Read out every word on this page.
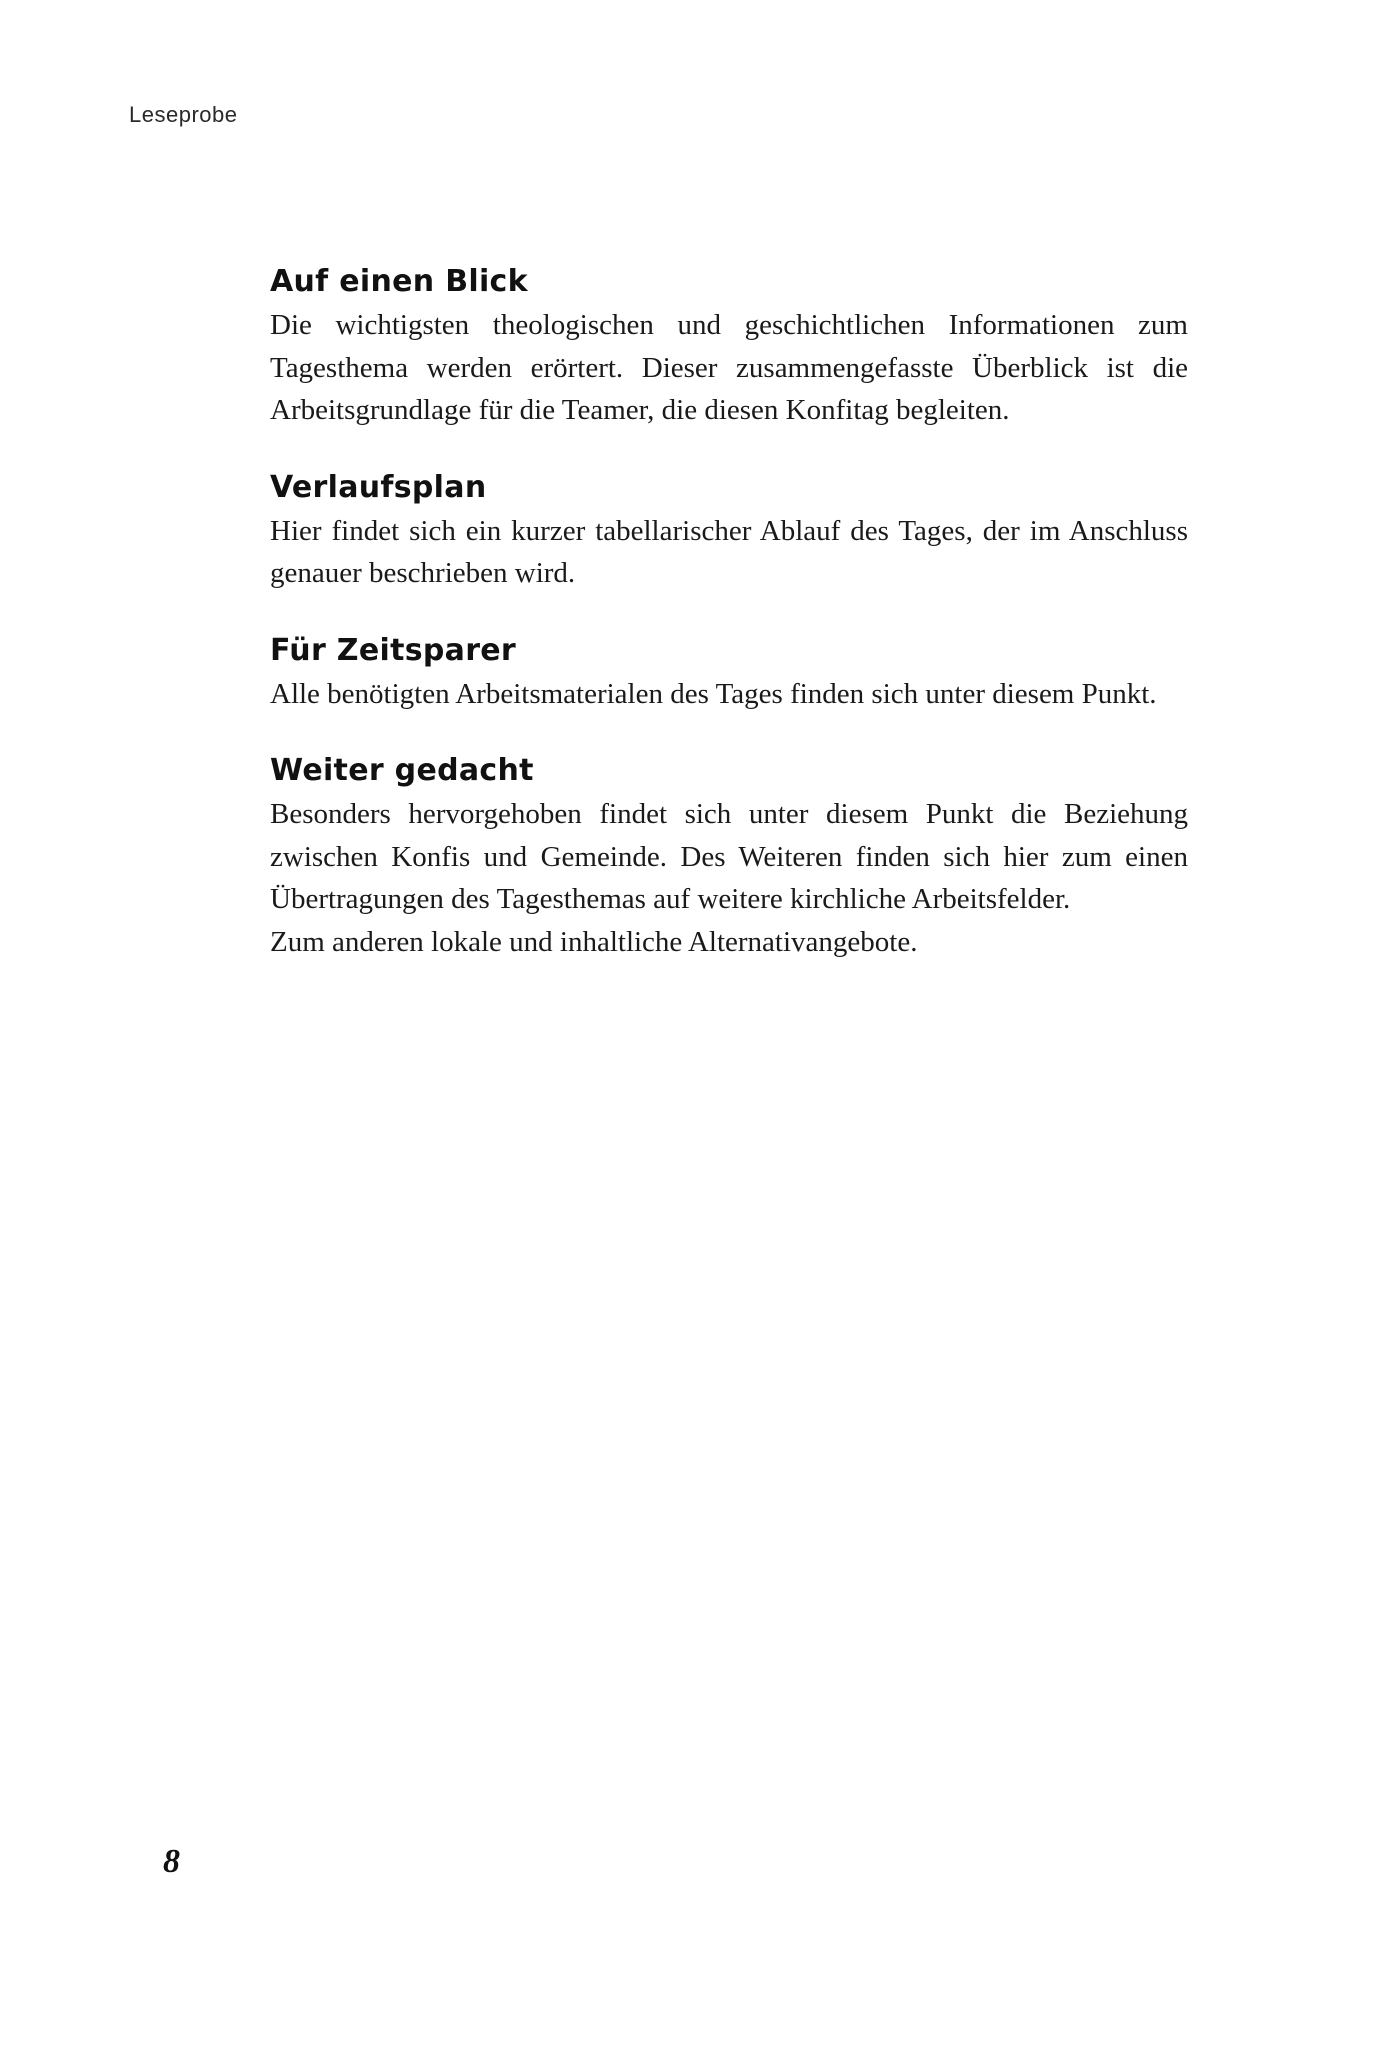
Leseprobe
Auf einen Blick

Die wichtigsten theologischen und geschichtlichen Informationen zum Tagesthema werden erörtert. Dieser zusammengefasste Überblick ist die Arbeitsgrundlage für die Teamer, die diesen Konfitag begleiten.

Verlaufsplan

Hier findet sich ein kurzer tabellarischer Ablauf des Tages, der im Anschluss genauer beschrieben wird.

Für Zeitsparer

Alle benötigten Arbeitsmaterialen des Tages finden sich unter diesem Punkt.

Weiter gedacht

Besonders hervorgehoben findet sich unter diesem Punkt die Beziehung zwischen Konfis und Gemeinde. Des Weiteren finden sich hier zum einen Übertragungen des Tagesthemas auf weitere kirchliche Arbeitsfelder.

Zum anderen lokale und inhaltliche Alternativangebote.

8
